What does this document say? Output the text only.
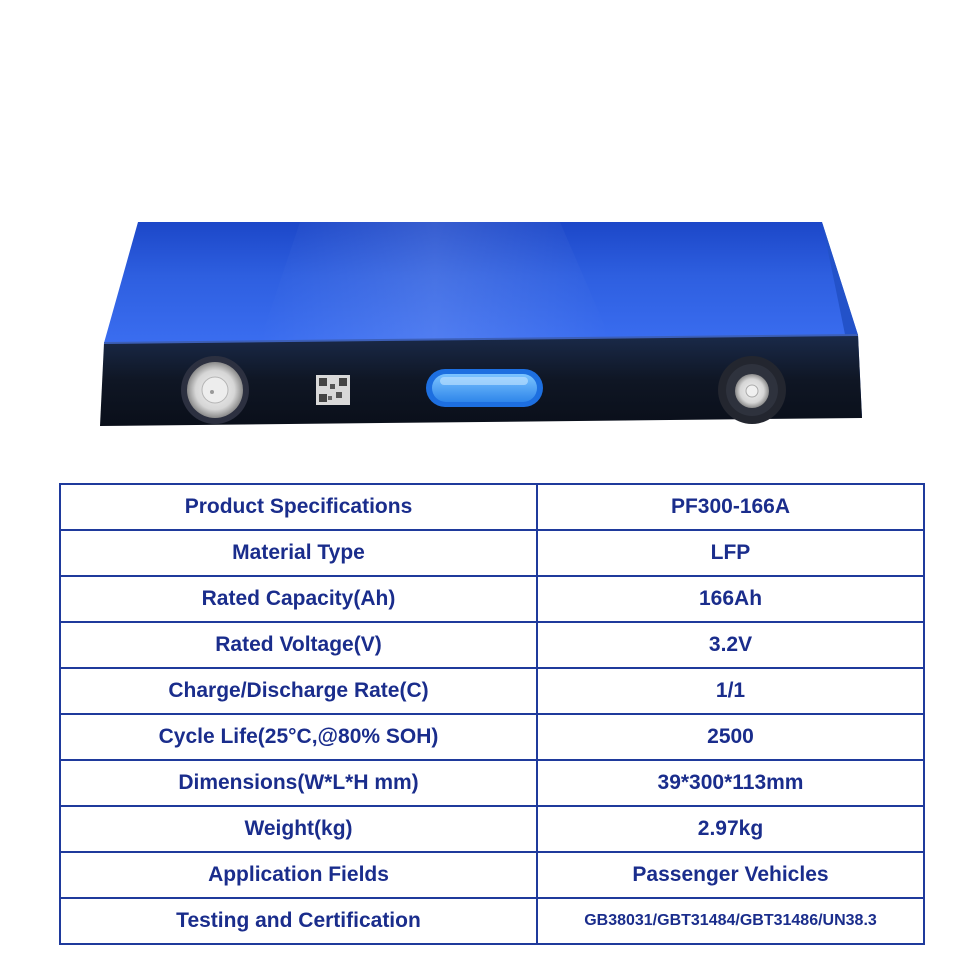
Product Specifications	PF300-166A
Material Type	LFP
Rated Capacity(Ah)	166Ah
Rated Voltage(V)	3.2V
Charge/Discharge Rate(C)	1/1
Cycle Life(25°C,@80% SOH)	2500
Dimensions(W*L*H mm)	39*300*113mm
Weight(kg)	2.97kg
Application Fields	Passenger Vehicles
Testing and Certification	GB38031/GBT31484/GBT31486/UN38.3
